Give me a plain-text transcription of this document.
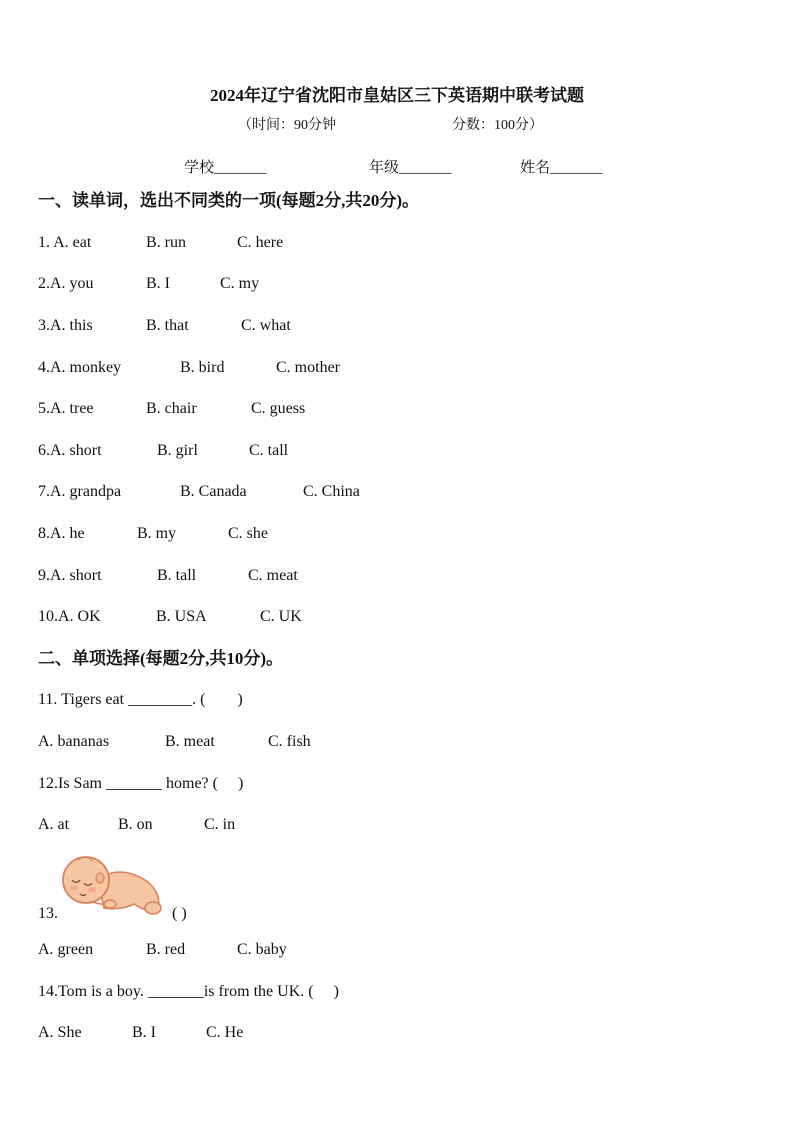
2024年辽宁省沈阳市皇姑区三下英语期中联考试题
（时间：90分钟	分数：100分）
学校_______	年级_______	姓名_______
一、读单词，选出不同类的一项(每题2分,共20分)。
1. A. eat	B. run	C. here
2.A. you	B. I	C. my
3.A. this	B. that	C. what
4.A. monkey	B. bird	C. mother
5.A. tree	B. chair	C. guess
6.A. short	B. girl	C. tall
7.A. grandpa	B. Canada	C. China
8.A. he	B. my	C. she
9.A. short	B. tall	C. meat
10.A. OK	B. USA	C. UK
二、单项选择(每题2分,共10分)。
11. Tigers eat ________. (　　)
A. bananas	B. meat	C. fish
12.Is Sam _______ home? (　 )
A. at	B. on	C. in
13.	( )
A. green	B. red	C. baby
14.Tom is a boy. _______is from the UK. (　 )
A. She	B. I	C. He
